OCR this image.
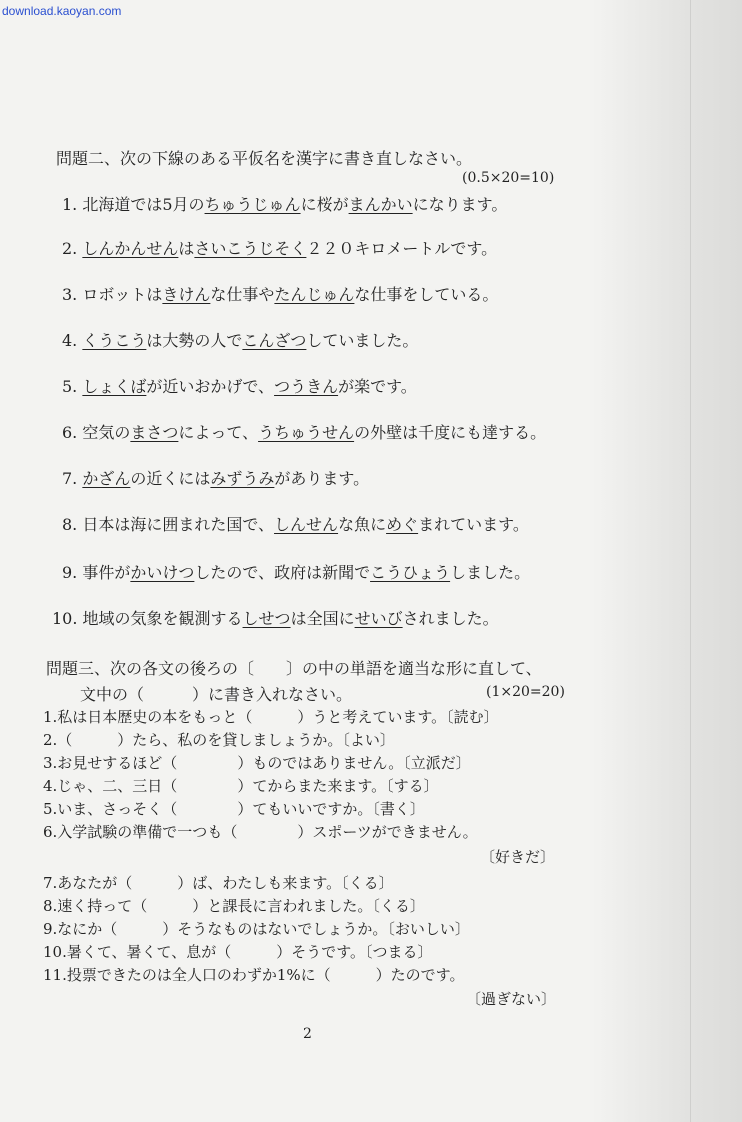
download.kaoyan.com
問題二、次の下線のある平仮名を漢字に書き直しなさい。
(0.5×20=10)
1. 北海道では5月のちゅうじゅんに桜がまんかいになります。
2. しんかんせんはさいこうじそく２２０キロメートルです。
3. ロボットはきけんな仕事やたんじゅんな仕事をしている。
4. くうこうは大勢の人でこんざつしていました。
5. しょくばが近いおかげで、つうきんが楽です。
6. 空気のまさつによって、うちゅうせんの外壁は千度にも達する。
7. かざんの近くにはみずうみがあります。
8. 日本は海に囲まれた国で、しんせんな魚にめぐまれています。
9. 事件がかいけつしたので、政府は新聞でこうひょうしました。
10. 地域の気象を観測するしせつは全国にせいびされました。
問題三、次の各文の後ろの〔　　〕の中の単語を適当な形に直して、
文中の（　　　）に書き入れなさい。	(1×20=20)
1.私は日本歴史の本をもっと（　　　）うと考えています。〔読む〕
2.（　　　）たら、私のを貸しましょうか。〔よい〕
3.お見せするほど（　　　　）ものではありません。〔立派だ〕
4.じゃ、二、三日（　　　　）てからまた来ます。〔する〕
5.いま、さっそく（　　　　）てもいいですか。〔書く〕
6.入学試験の準備で一つも（　　　　）スポーツができません。
〔好きだ〕
7.あなたが（　　　）ば、わたしも来ます。〔くる〕
8.速く持って（　　　）と課長に言われました。〔くる〕
9.なにか（　　　）そうなものはないでしょうか。〔おいしい〕
10.暑くて、暑くて、息が（　　　）そうです。〔つまる〕
11.投票できたのは全人口のわずか1%に（　　　）たのです。
〔過ぎない〕
2
